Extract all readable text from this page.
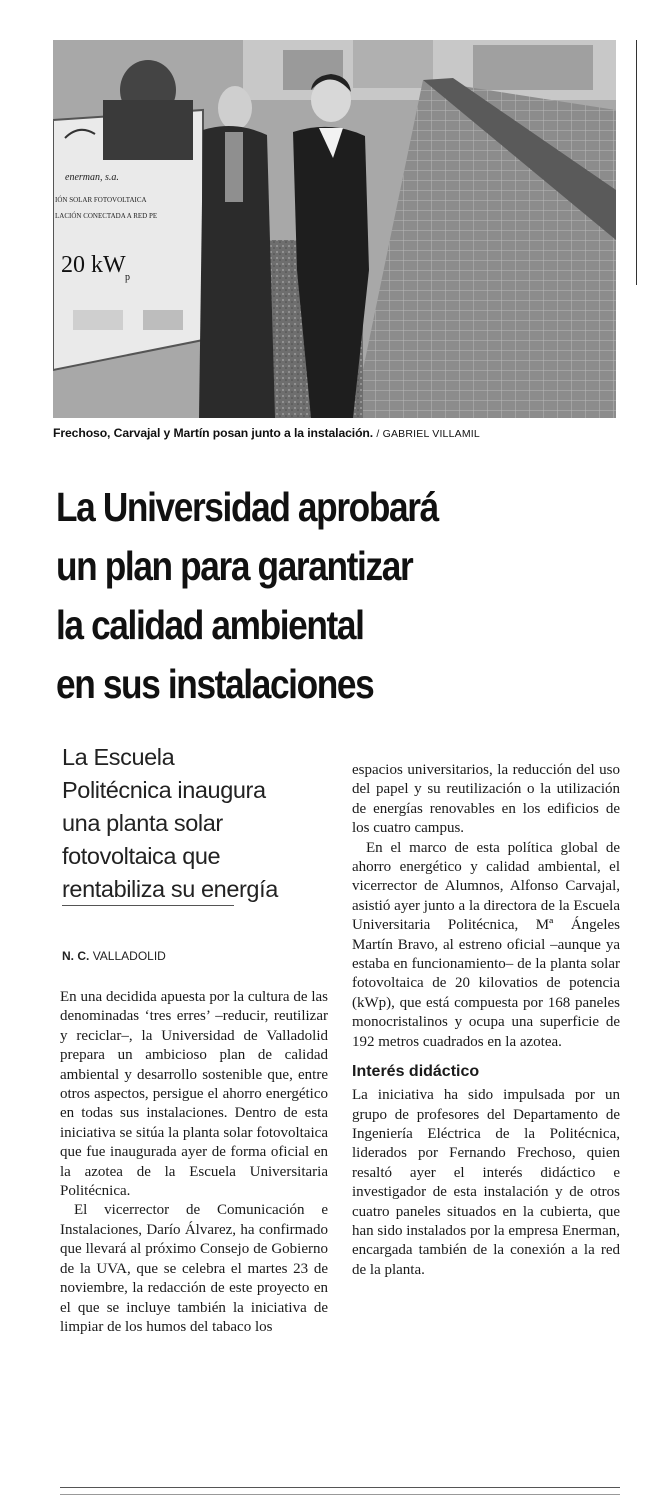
enerman, s.a.
IÓN SOLAR FOTOVOLTAICA
LACIÓN CONECTADA A RED PE
20 kW p
Frechoso, Carvajal y Martín posan junto a la instalación. / GABRIEL VILLAMIL
La Universidad aprobará
un plan para garantizar
la calidad ambiental
en sus instalaciones
La Escuela
Politécnica inaugura
una planta solar
fotovoltaica que
rentabiliza su energía
N. C. VALLADOLID

En una decidida apuesta por la cultura de las denominadas ‘tres erres’ –reducir, reutilizar y reciclar–, la Universidad de Valladolid prepara un ambicioso plan de calidad ambiental y desarrollo sostenible que, entre otros aspectos, persigue el ahorro energético en todas sus instalaciones. Dentro de esta iniciativa se sitúa la planta solar fotovoltaica que fue inaugurada ayer de forma oficial en la azotea de la Escuela Universitaria Politécnica.

El vicerrector de Comunicación e Instalaciones, Darío Álvarez, ha confirmado que llevará al próximo Consejo de Gobierno de la UVA, que se celebra el martes 23 de noviembre, la redacción de este proyecto en el que se incluye también la iniciativa de limpiar de los humos del tabaco los

espacios universitarios, la reducción del uso del papel y su reutilización o la utilización de energías renovables en los edificios de los cuatro campus.

En el marco de esta política global de ahorro energético y calidad ambiental, el vicerrector de Alumnos, Alfonso Carvajal, asistió ayer junto a la directora de la Escuela Universitaria Politécnica, Mª Ángeles Martín Bravo, al estreno oficial –aunque ya estaba en funcionamiento– de la planta solar fotovoltaica de 20 kilovatios de potencia (kWp), que está compuesta por 168 paneles monocristalinos y ocupa una superficie de 192 metros cuadrados en la azotea.

Interés didáctico

La iniciativa ha sido impulsada por un grupo de profesores del Departamento de Ingeniería Eléctrica de la Politécnica, liderados por Fernando Frechoso, quien resaltó ayer el interés didáctico e investigador de esta instalación y de otros cuatro paneles situados en la cubierta, que han sido instalados por la empresa Enerman, encargada también de la conexión a la red de la planta.
